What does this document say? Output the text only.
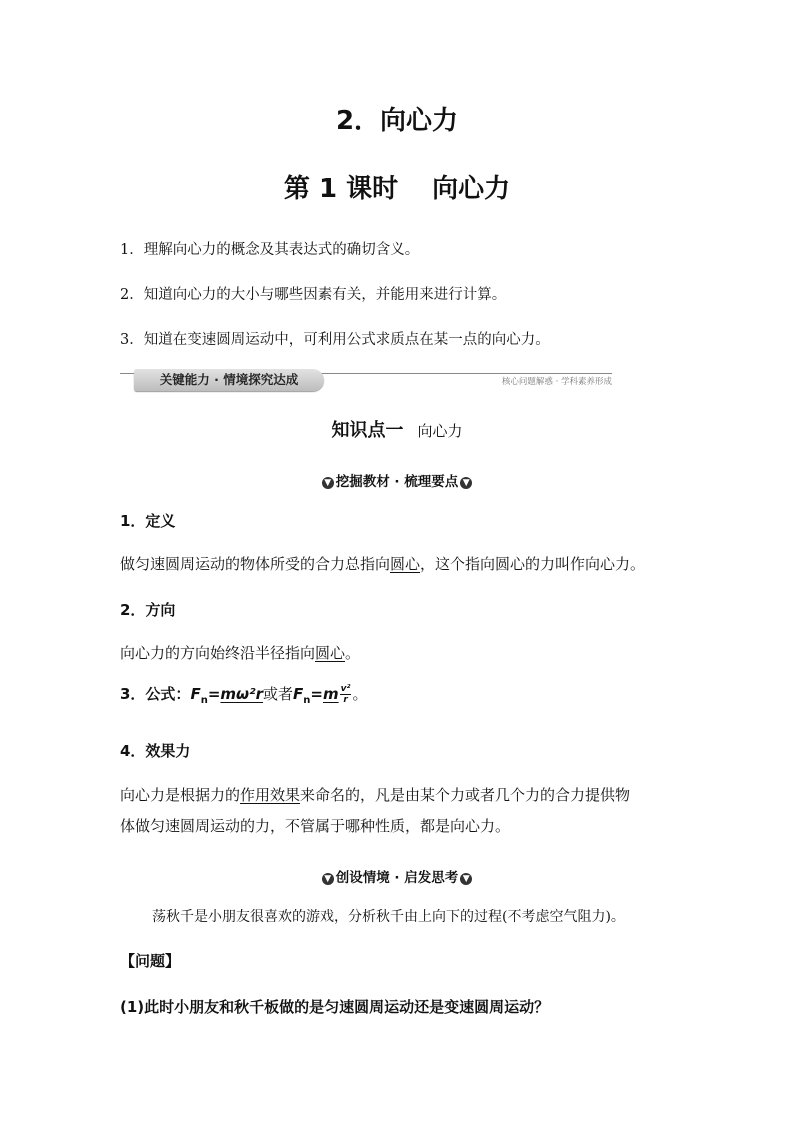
2．向心力
第 1 课时 向心力
1．理解向心力的概念及其表达式的确切含义。
2．知道向心力的大小与哪些因素有关，并能用来进行计算。
3．知道在变速圆周运动中，可利用公式求质点在某一点的向心力。
关键能力 · 情境探究达成	核心问题解惑 · 学科素养形成
知识点一 向心力
▼ 挖掘教材 · 梳理要点 ▼
1．定义
做匀速圆周运动的物体所受的合力总指向圆心，这个指向圆心的力叫作向心力。
2．方向
向心力的方向始终沿半径指向圆心。
3．公式：$F_n=m\omega^2r$或者$F_n=m \frac{\text{v²}}{r}$ 。
4．效果力
向心力是根据力的作用效果来命名的，凡是由某个力或者几个力的合力提供物
体做匀速圆周运动的力，不管属于哪种性质，都是向心力。
▼ 创设情境 · 启发思考 ▼
荡秋千是小朋友很喜欢的游戏，分析秋千由上向下的过程(不考虑空气阻力)。
【问题】
(1)此时小朋友和秋千板做的是匀速圆周运动还是变速圆周运动？
